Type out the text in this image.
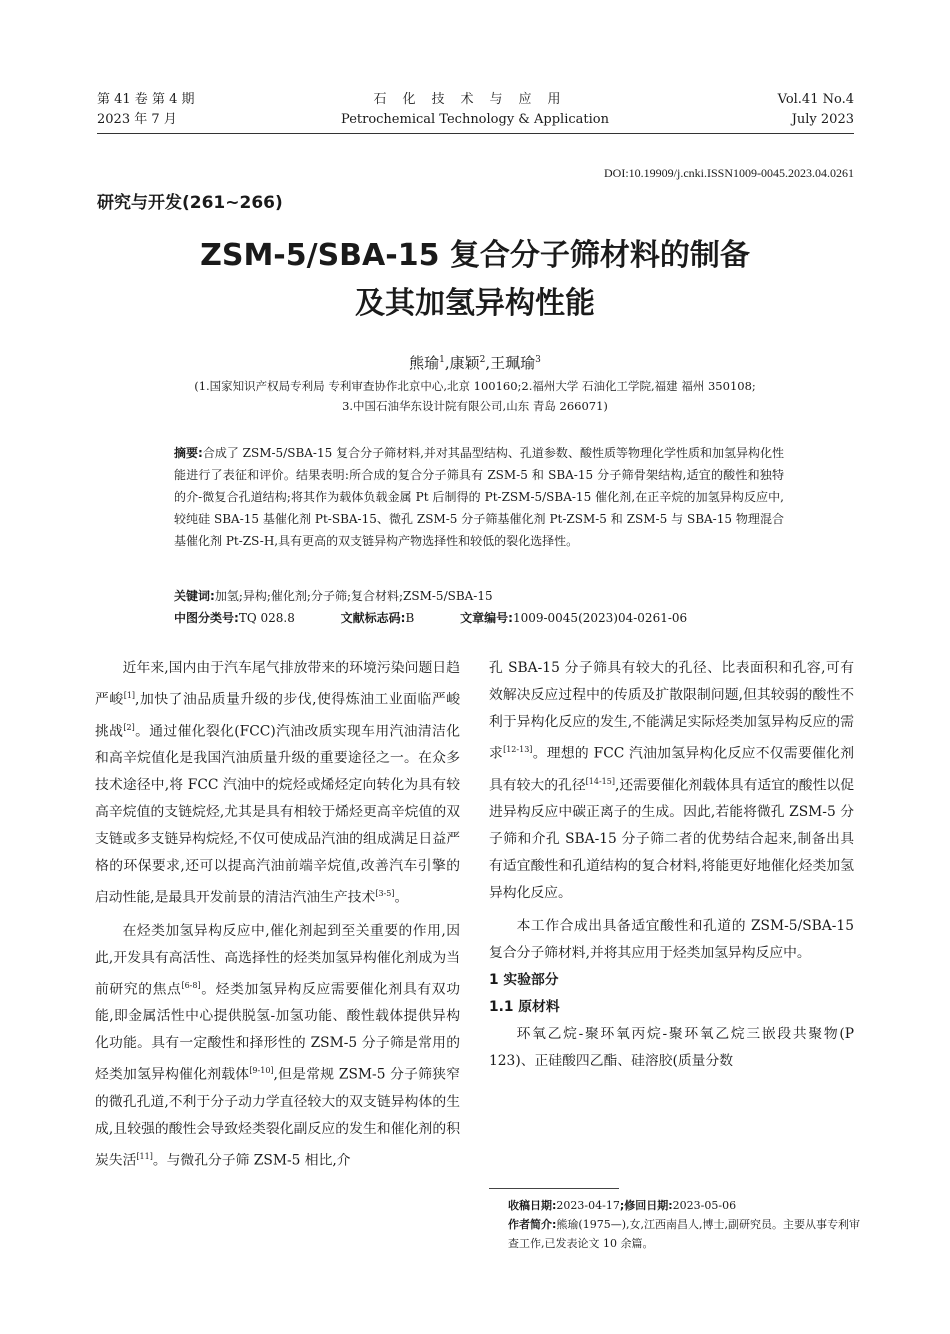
第 41 卷 第 4 期
2023 年 7 月
石化技术与应用
Petrochemical Technology & Application
Vol.41 No.4
July 2023
DOI:10.19909/j.cnki.ISSN1009-0045.2023.04.0261
研究与开发(261~266)
ZSM-5/SBA-15 复合分子筛材料的制备
及其加氢异构性能
熊瑜$^1$,康颖$^2$,王珮瑜$^3$
(1.国家知识产权局专利局 专利审查协作北京中心,北京 100160;2.福州大学 石油化工学院,福建 福州 350108;
3.中国石油华东设计院有限公司,山东 青岛 266071)
摘要:合成了 ZSM-5/SBA-15 复合分子筛材料,并对其晶型结构、孔道参数、酸性质等物理化学性质和加氢异构化性能进行了表征和评价。结果表明:所合成的复合分子筛具有 ZSM-5 和 SBA-15 分子筛骨架结构,适宜的酸性和独特的介-微复合孔道结构;将其作为载体负载金属 Pt 后制得的 Pt-ZSM-5/SBA-15 催化剂,在正辛烷的加氢异构反应中,较纯硅 SBA-15 基催化剂 Pt-SBA-15、微孔 ZSM-5 分子筛基催化剂 Pt-ZSM-5 和 ZSM-5 与 SBA-15 物理混合基催化剂 Pt-ZS-H,具有更高的双支链异构产物选择性和较低的裂化选择性。
关键词:加氢;异构;催化剂;分子筛;复合材料;ZSM-5/SBA-15
中图分类号:TQ 028.8	文献标志码:B	文章编号:1009-0045(2023)04-0261-06

近年来,国内由于汽车尾气排放带来的环境污染问题日趋严峻[1],加快了油品质量升级的步伐,使得炼油工业面临严峻挑战[2]。通过催化裂化(FCC)汽油改质实现车用汽油清洁化和高辛烷值化是我国汽油质量升级的重要途径之一。在众多技术途径中,将 FCC 汽油中的烷烃或烯烃定向转化为具有较高辛烷值的支链烷烃,尤其是具有相较于烯烃更高辛烷值的双支链或多支链异构烷烃,不仅可使成品汽油的组成满足日益严格的环保要求,还可以提高汽油前端辛烷值,改善汽车引擎的启动性能,是最具开发前景的清洁汽油生产技术[3-5]。

在烃类加氢异构反应中,催化剂起到至关重要的作用,因此,开发具有高活性、高选择性的烃类加氢异构催化剂成为当前研究的焦点[6-8]。烃类加氢异构反应需要催化剂具有双功能,即金属活性中心提供脱氢-加氢功能、酸性载体提供异构化功能。具有一定酸性和择形性的 ZSM-5 分子筛是常用的烃类加氢异构催化剂载体[9-10],但是常规 ZSM-5 分子筛狭窄的微孔孔道,不利于分子动力学直径较大的双支链异构体的生成,且较强的酸性会导致烃类裂化副反应的发生和催化剂的积炭失活[11]。与微孔分子筛 ZSM-5 相比,介

孔 SBA-15 分子筛具有较大的孔径、比表面积和孔容,可有效解决反应过程中的传质及扩散限制问题,但其较弱的酸性不利于异构化反应的发生,不能满足实际烃类加氢异构反应的需求[12-13]。理想的 FCC 汽油加氢异构化反应不仅需要催化剂具有较大的孔径[14-15],还需要催化剂载体具有适宜的酸性以促进异构反应中碳正离子的生成。因此,若能将微孔 ZSM-5 分子筛和介孔 SBA-15 分子筛二者的优势结合起来,制备出具有适宜酸性和孔道结构的复合材料,将能更好地催化烃类加氢异构化反应。

本工作合成出具备适宜酸性和孔道的 ZSM-5/SBA-15 复合分子筛材料,并将其应用于烃类加氢异构反应中。

1 实验部分

1.1 原材料

环氧乙烷-聚环氧丙烷-聚环氧乙烷三嵌段共聚物(P 123)、正硅酸四乙酯、硅溶胶(质量分数

收稿日期:2023-04-17;修回日期:2023-05-06
作者简介:熊瑜(1975—),女,江西南昌人,博士,副研究员。主要从事专利审查工作,已发表论文 10 余篇。
